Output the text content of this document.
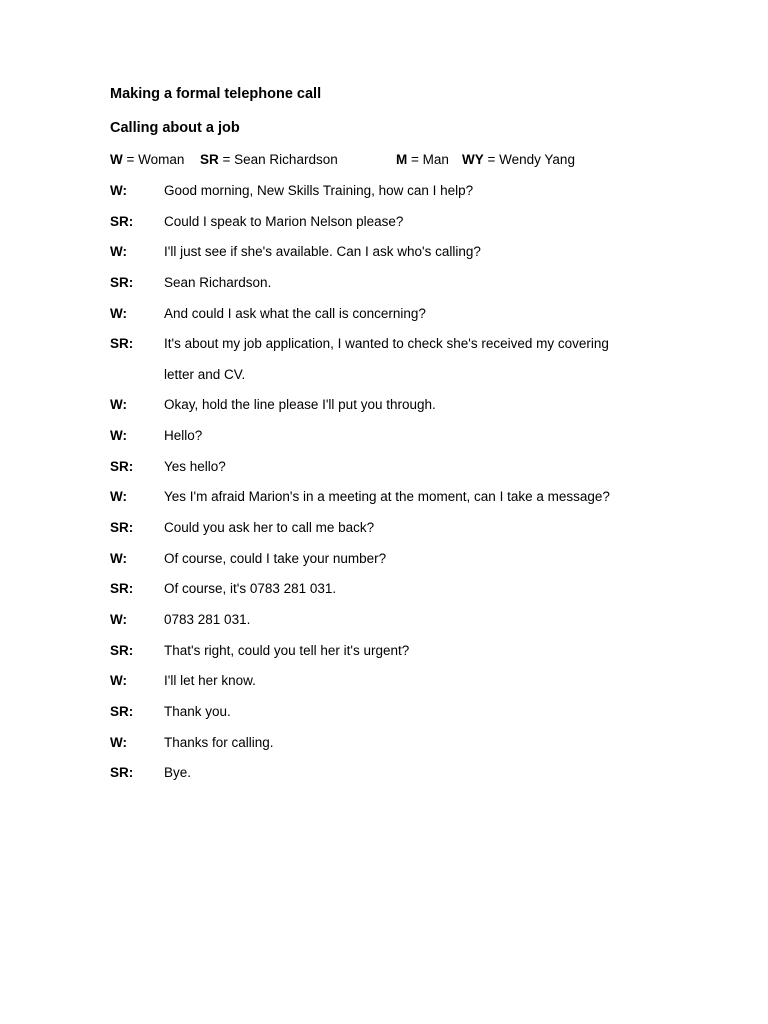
Making a formal telephone call
Calling about a job
W = Woman SR = Sean Richardson	M = Man WY = Wendy Yang
W:	Good morning, New Skills Training, how can I help?
SR:	Could I speak to Marion Nelson please?
W:	I'll just see if she's available. Can I ask who's calling?
SR:	Sean Richardson.
W:	And could I ask what the call is concerning?
SR:	It's about my job application, I wanted to check she's received my covering
letter and CV.
W:	Okay, hold the line please I'll put you through.
W:	Hello?
SR:	Yes hello?
W:	Yes I'm afraid Marion's in a meeting at the moment, can I take a message?
SR:	Could you ask her to call me back?
W:	Of course, could I take your number?
SR:	Of course, it's 0783 281 031.
W:	0783 281 031.
SR:	That's right, could you tell her it's urgent?
W:	I'll let her know.
SR:	Thank you.
W:	Thanks for calling.
SR:	Bye.
